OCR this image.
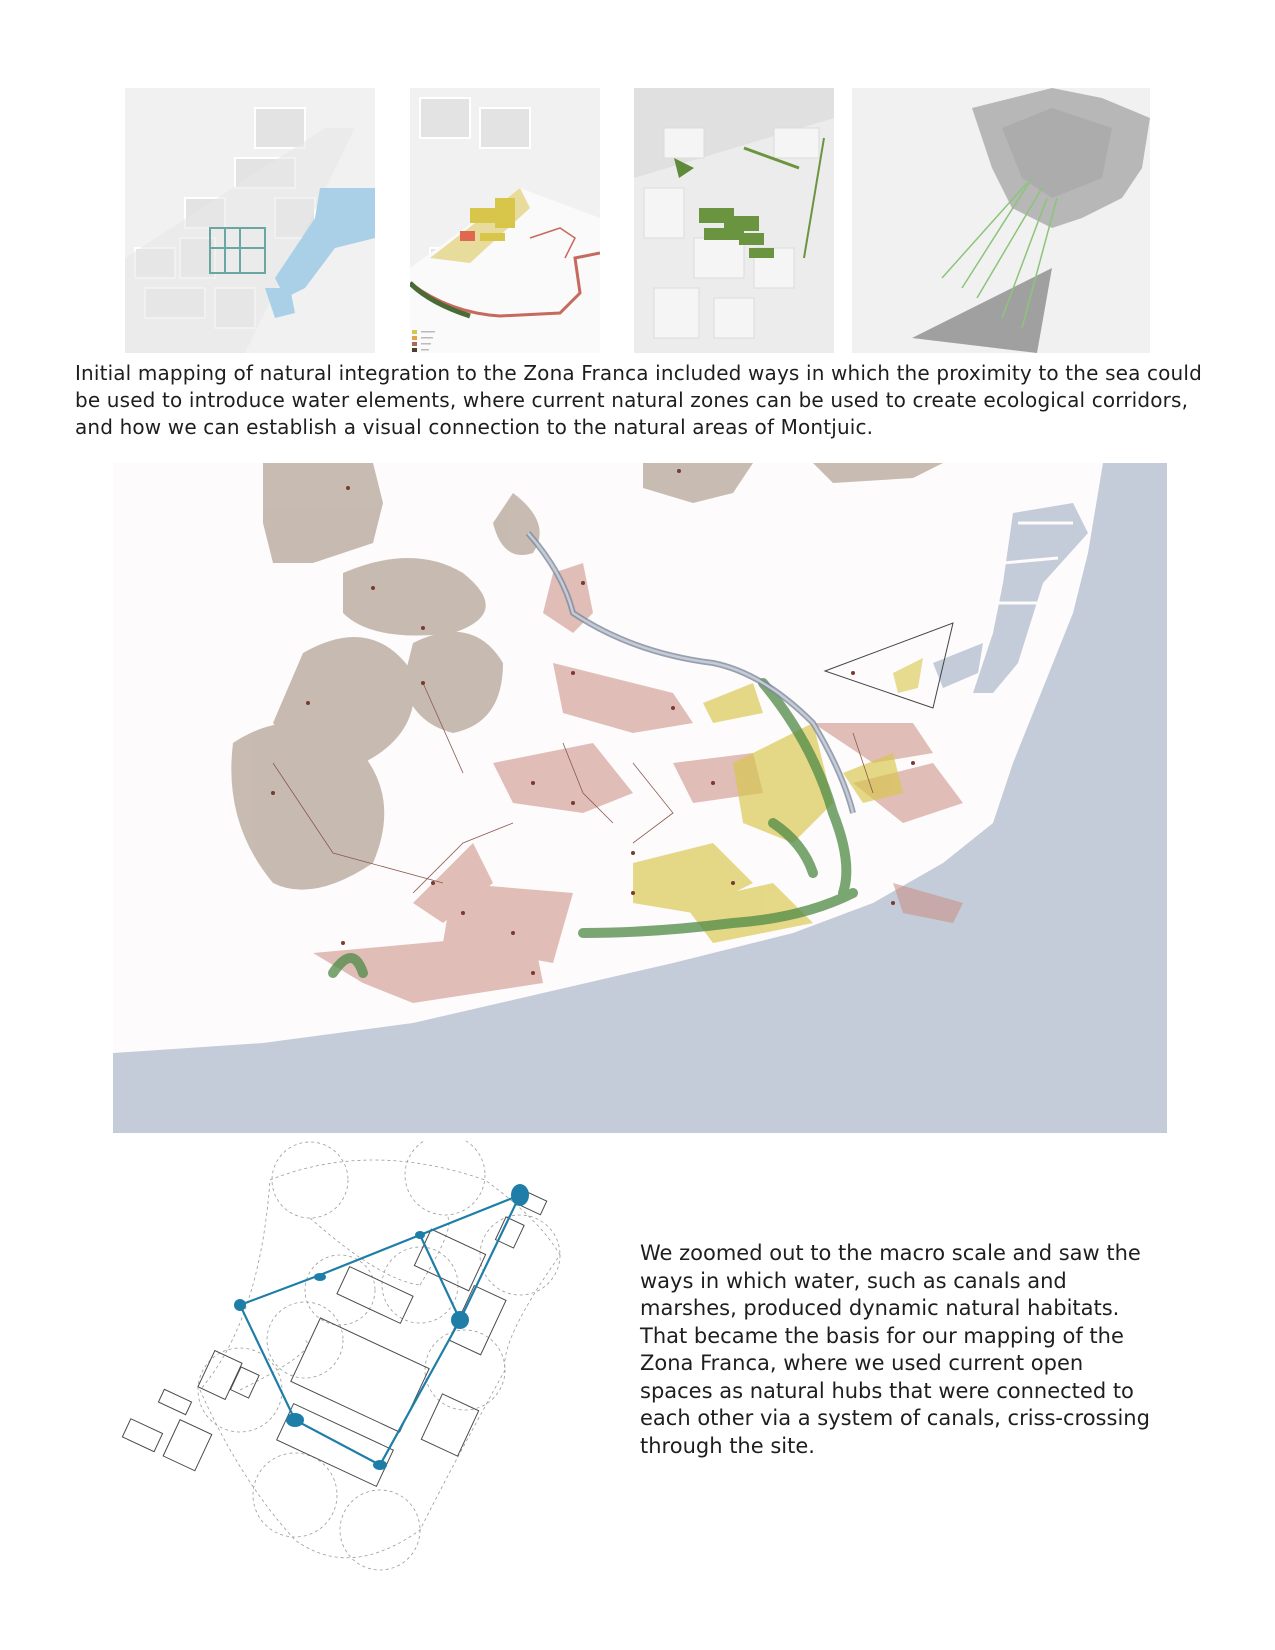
Initial mapping of natural integration to the Zona Franca included ways in which the proximity to the sea could be used to introduce water elements, where current natural zones can be used to create ecological corridors, and how we can establish a visual connection to the natural areas of Montjuic.
We zoomed out to the macro scale and saw the ways in which water, such as canals and marshes, produced dynamic natural habitats. That became the basis for our mapping of the Zona Franca, where we used current open spaces as natural hubs that were connected to each other via a system of canals, criss-crossing through the site.
